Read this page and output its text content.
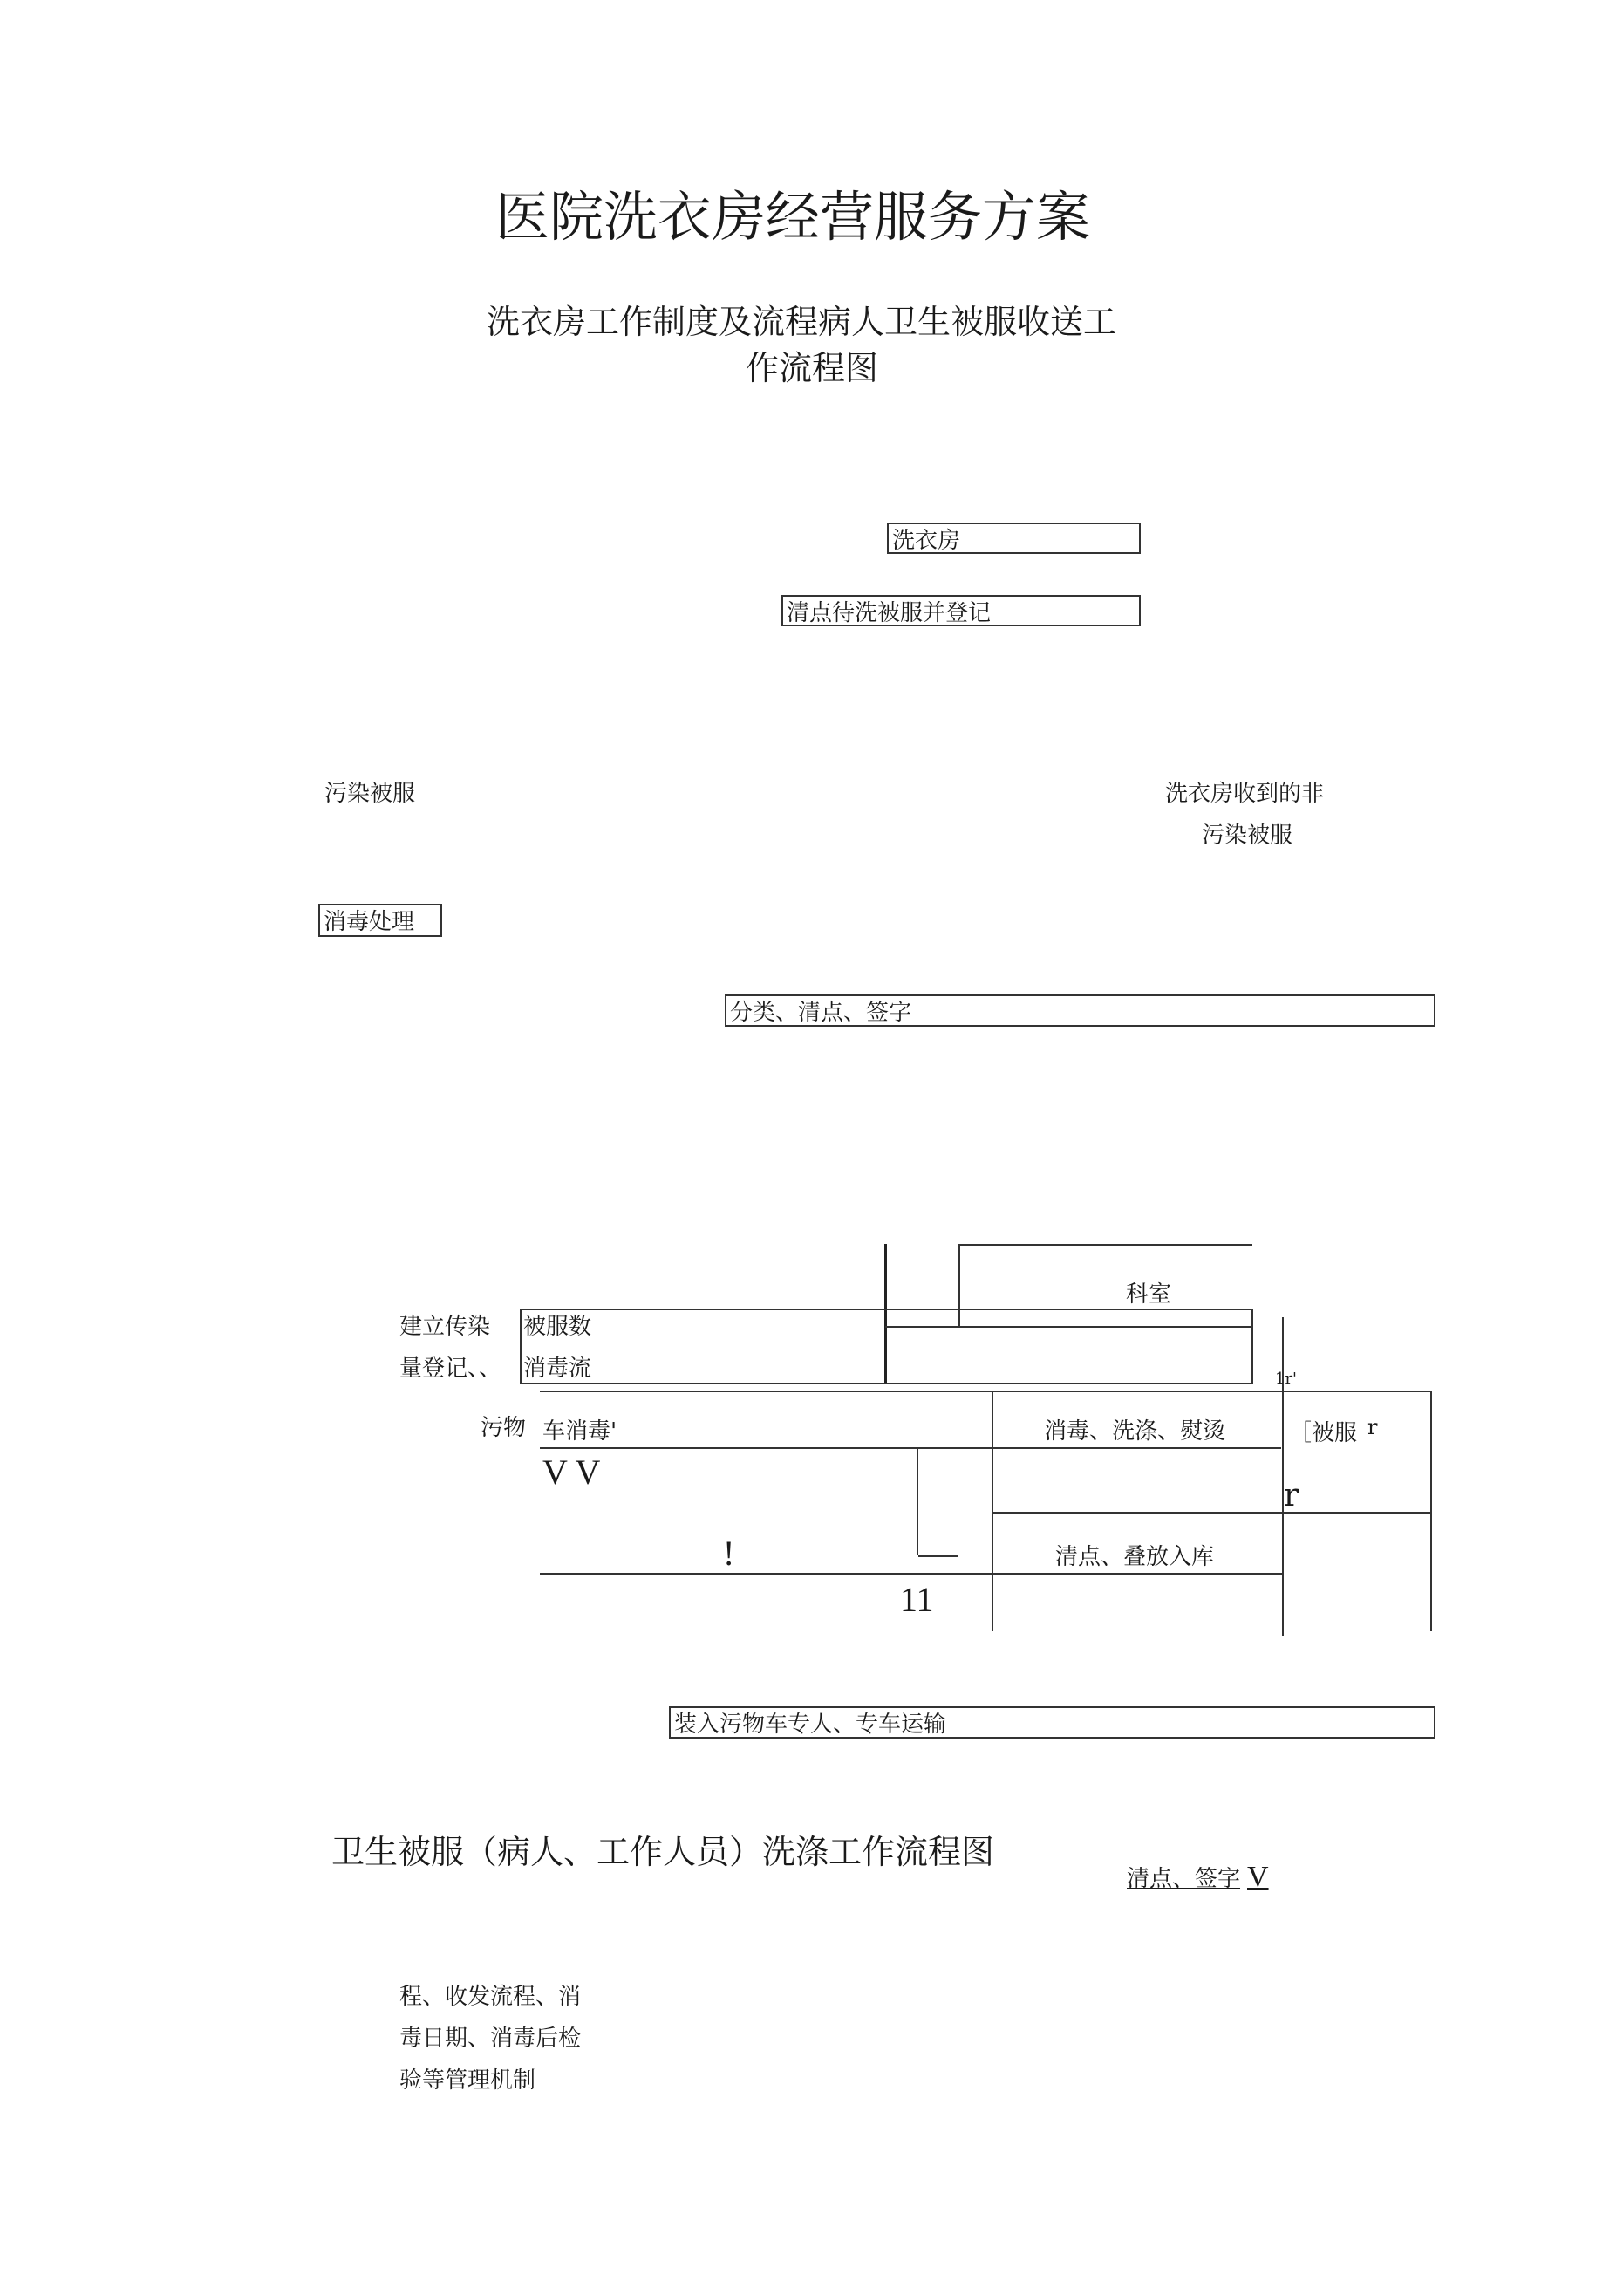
医院洗衣房经营服务方案
洗衣房工作制度及流程病人卫生被服收送工
作流程图
洗衣房
清点待洗被服并登记
污染被服	洗衣房收到的非
污染被服
消毒处理
分类、清点、签字
科室
建立传染
量登记、、
被服数
消毒流
污物 车消毒'	消毒、洗涤、熨烫	［被服
1r'
r
r
V V
!
11
清点、叠放入库
装入污物车专人、专车运输
卫生被服（病人、工作人员）洗涤工作流程图
清点、签字 V
程、收发流程、消
毒日期、消毒后检
验等管理机制
